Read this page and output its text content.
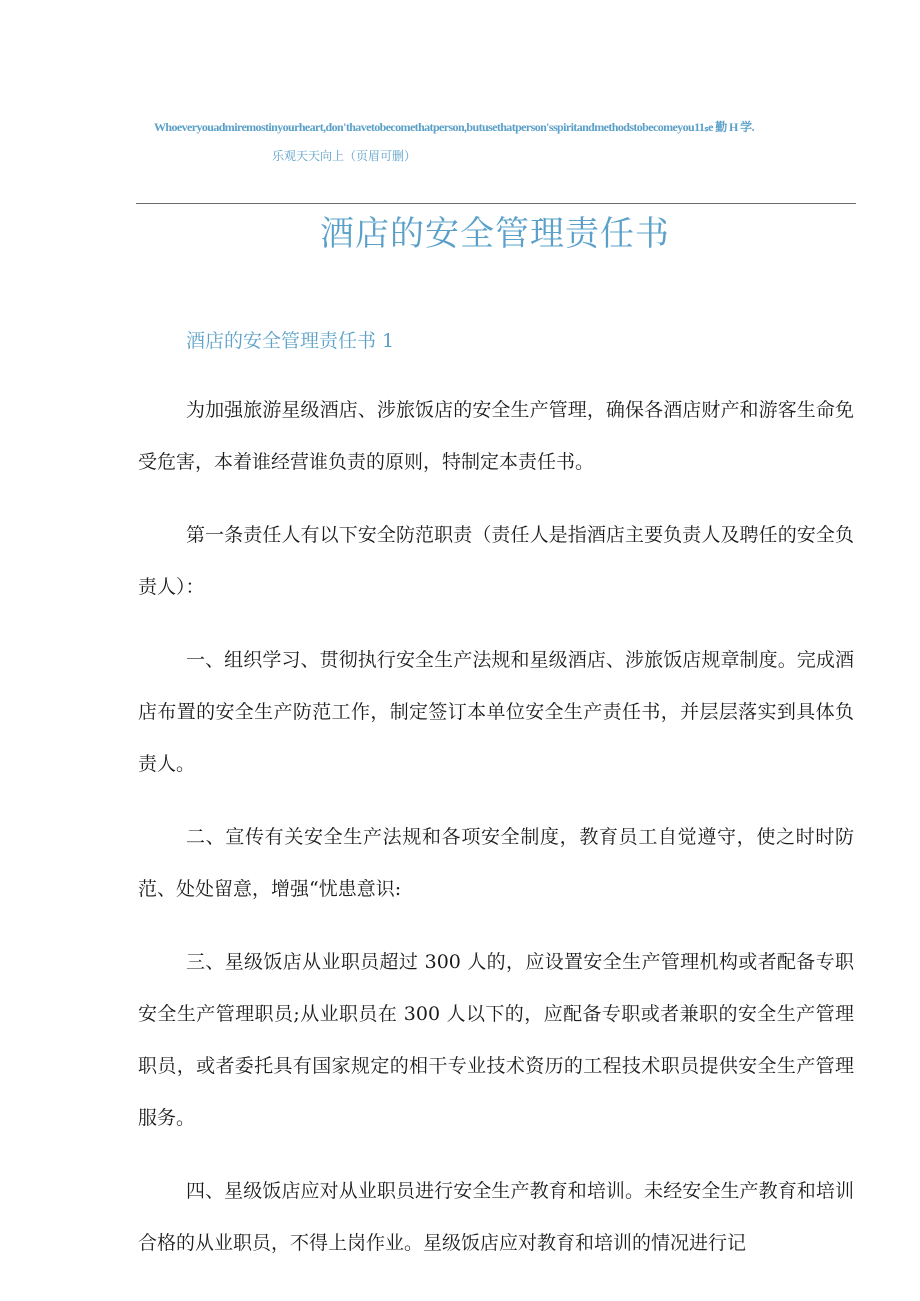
Whoeveryouadmiremostinyourheart,don'thavetobecomethatperson,butusethatperson'sspiritandmethodstobecomeyou11ₛe 勤 H 学.
乐观天天向上（页眉可删）
酒店的安全管理责任书
酒店的安全管理责任书 1

为加强旅游星级酒店、涉旅饭店的安全生产管理，确保各酒店财产和游客生命免受危害，本着谁经营谁负责的原则，特制定本责任书。

第一条责任人有以下安全防范职责（责任人是指酒店主要负责人及聘任的安全负责人）：

一、组织学习、贯彻执行安全生产法规和星级酒店、涉旅饭店规章制度。完成酒店布置的安全生产防范工作，制定签订本单位安全生产责任书，并层层落实到具体负责人。

二、宣传有关安全生产法规和各项安全制度，教育员工自觉遵守，使之时时防范、处处留意，增强“忧患意识:

三、星级饭店从业职员超过 300 人的，应设置安全生产管理机构或者配备专职安全生产管理职员;从业职员在 300 人以下的，应配备专职或者兼职的安全生产管理职员，或者委托具有国家规定的相干专业技术资历的工程技术职员提供安全生产管理服务。

四、星级饭店应对从业职员进行安全生产教育和培训。未经安全生产教育和培训合格的从业职员，不得上岗作业。星级饭店应对教育和培训的情况进行记
